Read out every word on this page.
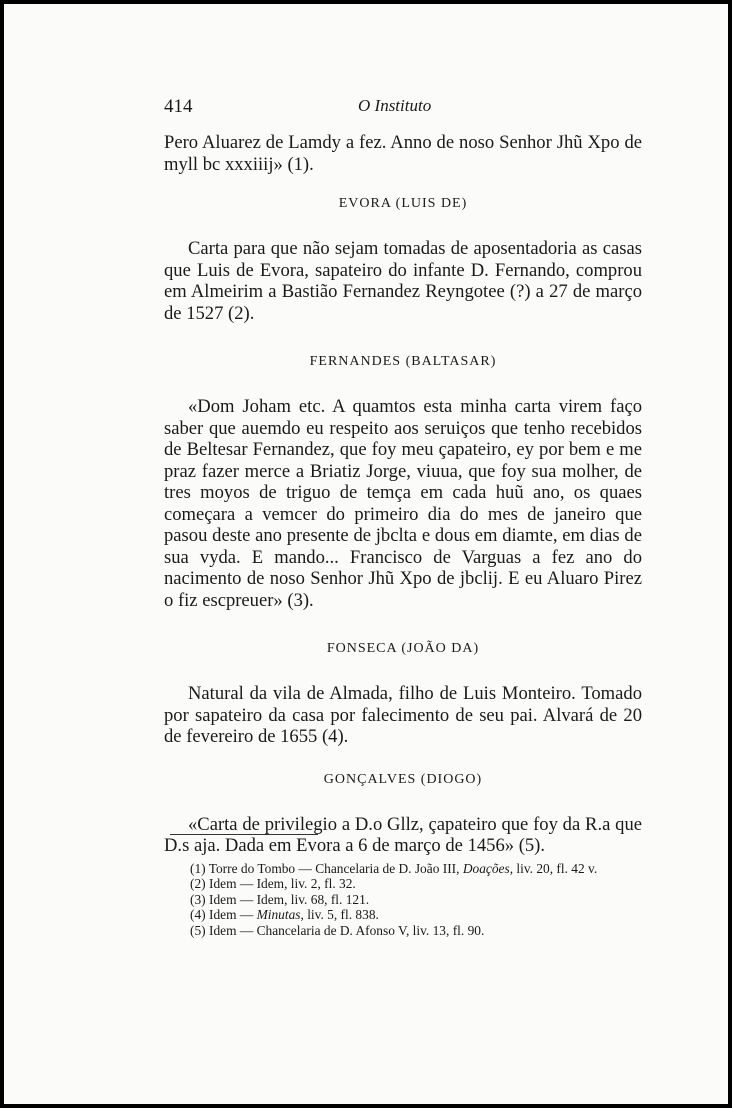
414	O Instituto

Pero Aluarez de Lamdy a fez. Anno de noso Senhor Jhũ Xpo de myll bc xxxiiij» (1).

EVORA (LUIS DE)

Carta para que não sejam tomadas de aposentadoria as casas que Luis de Evora, sapateiro do infante D. Fernando, comprou em Almeirim a Bastião Fernandez Reyngotee (?) a 27 de março de 1527 (2).

FERNANDES (BALTASAR)

«Dom Joham etc. A quamtos esta minha carta virem faço saber que auemdo eu respeito aos seruiços que tenho recebidos de Beltesar Fernandez, que foy meu çapateiro, ey por bem e me praz fazer merce a Briatiz Jorge, viuua, que foy sua molher, de tres moyos de triguo de temça em cada huũ ano, os quaes começara a vemcer do primeiro dia do mes de janeiro que pasou deste ano presente de jbclta e dous em diamte, em dias de sua vyda. E mando... Francisco de Varguas a fez ano do nacimento de noso Senhor Jhũ Xpo de jbclij. E eu Aluaro Pirez o fiz escpreuer» (3).

FONSECA (JOÃO DA)

Natural da vila de Almada, filho de Luis Monteiro. Tomado por sapateiro da casa por falecimento de seu pai. Alvará de 20 de fevereiro de 1655 (4).

GONÇALVES (DIOGO)

«Carta de privilegio a D.o Gllz, çapateiro que foy da R.a que D.s aja. Dada em Evora a 6 de março de 1456» (5).

(1) Torre do Tombo — Chancelaria de D. João III, Doações, liv. 20, fl. 42 v.

(2) Idem — Idem, liv. 2, fl. 32.

(3) Idem — Idem, liv. 68, fl. 121.

(4) Idem — Minutas, liv. 5, fl. 838.

(5) Idem — Chancelaria de D. Afonso V, liv. 13, fl. 90.
